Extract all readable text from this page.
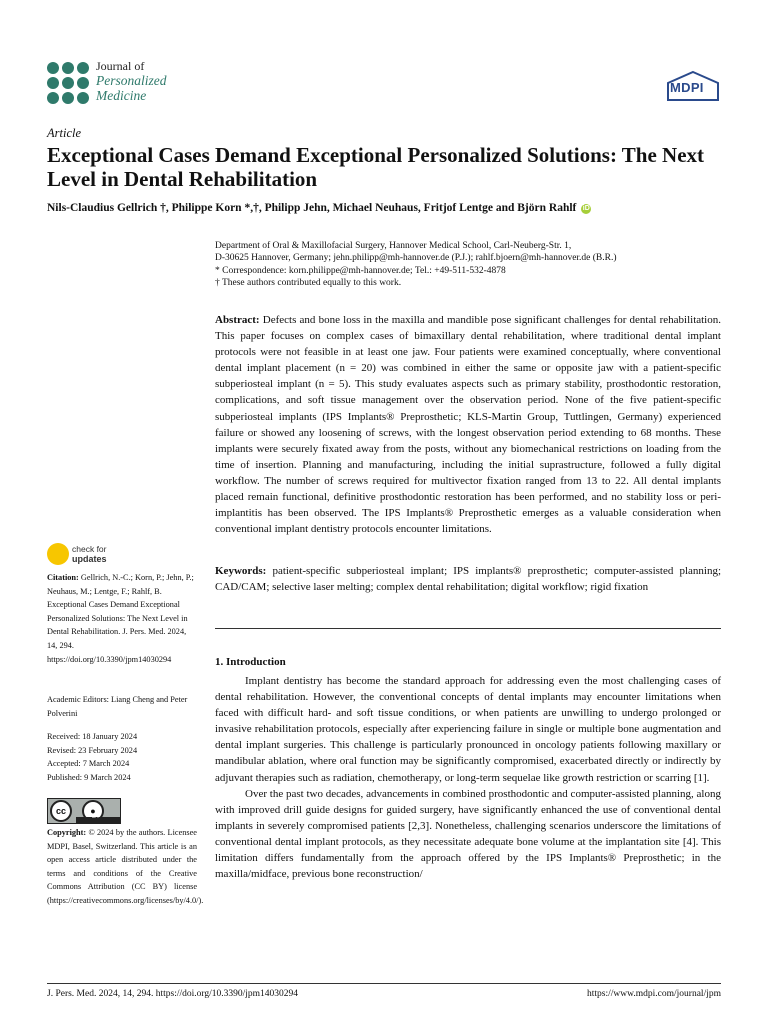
Journal of
Personalized
Medicine
MDPI
Article
Exceptional Cases Demand Exceptional Personalized Solutions: The Next Level in Dental Rehabilitation
Nils-Claudius Gellrich †, Philippe Korn *,†, Philipp Jehn, Michael Neuhaus, Fritjof Lentge and Björn Rahlf iD
Department of Oral & Maxillofacial Surgery, Hannover Medical School, Carl-Neuberg-Str. 1,
D-30625 Hannover, Germany; jehn.philipp@mh-hannover.de (P.J.); rahlf.bjoern@mh-hannover.de (B.R.)
* Correspondence: korn.philippe@mh-hannover.de; Tel.: +49-511-532-4878
† These authors contributed equally to this work.
Abstract: Defects and bone loss in the maxilla and mandible pose significant challenges for dental rehabilitation. This paper focuses on complex cases of bimaxillary dental rehabilitation, where traditional dental implant protocols were not feasible in at least one jaw. Four patients were examined conceptually, where conventional dental implant placement (n = 20) was combined in either the same or opposite jaw with a patient-specific subperiosteal implant (n = 5). This study evaluates aspects such as primary stability, prosthodontic restoration, complications, and soft tissue management over the observation period. None of the five patient-specific subperiosteal implants (IPS Implants® Preprosthetic; KLS-Martin Group, Tuttlingen, Germany) experienced failure or showed any loosening of screws, with the longest observation period extending to 68 months. These implants were securely fixated away from the posts, without any biomechanical restrictions on loading from the time of insertion. Planning and manufacturing, including the initial suprastructure, followed a fully digital workflow. The number of screws required for multivector fixation ranged from 13 to 22. All dental implants placed remain functional, definitive prosthodontic restoration has been performed, and no stability loss or peri-implantitis has been observed. The IPS Implants® Preprosthetic emerges as a valuable consideration when conventional implant dentistry protocols encounter limitations.
Keywords: patient-specific subperiosteal implant; IPS implants® preprosthetic; computer-assisted planning; CAD/CAM; selective laser melting; complex dental rehabilitation; digital workflow; rigid fixation
1. Introduction

Implant dentistry has become the standard approach for addressing even the most challenging cases of dental rehabilitation. However, the conventional concepts of dental implants may encounter limitations when faced with difficult hard- and soft tissue conditions, or when patients are unwilling to undergo prolonged or invasive rehabilitation protocols, especially after experiencing failure in single or multiple bone augmentation and dental implant surgeries. This challenge is particularly pronounced in oncology patients following maxillary or mandibular ablation, where oral function may be significantly compromised, exacerbated directly or indirectly by adjuvant therapies such as radiation, chemotherapy, or long-term sequelae like growth restriction or scarring [1].

Over the past two decades, advancements in combined prosthodontic and computer-assisted planning, along with improved drill guide designs for guided surgery, have significantly enhanced the use of conventional dental implants in severely compromised patients [2,3]. Nonetheless, challenging scenarios underscore the limitations of conventional dental implant protocols, as they necessitate adequate bone volume at the implantation site [4]. This limitation differs fundamentally from the approach offered by the IPS Implants® Preprosthetic; in the maxilla/midface, previous bone reconstruction/

check for
updates
Citation: Gellrich, N.-C.; Korn, P.; Jehn, P.; Neuhaus, M.; Lentge, F.; Rahlf, B. Exceptional Cases Demand Exceptional Personalized Solutions: The Next Level in Dental Rehabilitation. J. Pers. Med. 2024, 14, 294. https://doi.org/10.3390/jpm14030294
Academic Editors: Liang Cheng and Peter Polverini
Received: 18 January 2024
Revised: 23 February 2024
Accepted: 7 March 2024
Published: 9 March 2024
cc	●
BY
Copyright: © 2024 by the authors. Licensee MDPI, Basel, Switzerland. This article is an open access article distributed under the terms and conditions of the Creative Commons Attribution (CC BY) license (https://creativecommons.org/licenses/by/4.0/).
J. Pers. Med. 2024, 14, 294. https://doi.org/10.3390/jpm14030294	https://www.mdpi.com/journal/jpm
